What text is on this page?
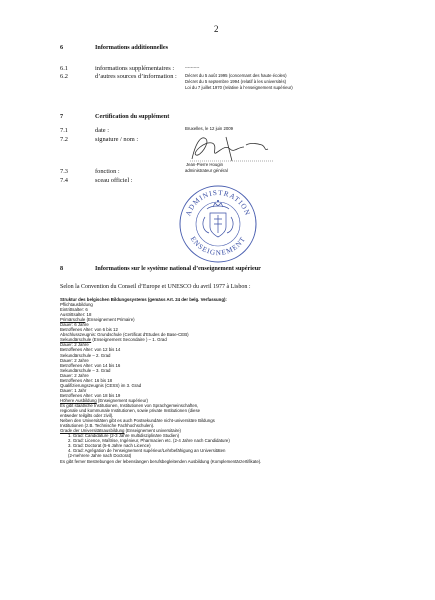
2
6	Informations additionnelles
6.1	informations supplémentaires :	----------
6.2	d’autres sources d’information : Décret du 5 août 1995 (concernant des haute écoles)
Décret du 5 septembre 1994 (relatif à les universités)
Loi du 7 juillet 1970 (relative à l’enseignement supérieur)
7	Certification du supplément
7.1	date :	Bruxelles, le 12 juin 2009
7.2	signature / nom :
Jean-Pierre Hougin
7.3	fonction :	administrateur général
7.4	sceau officiel :
ADMINISTRATION
ENSEIGNEMENT
8	Informations sur le système national d’enseignement supérieur
Selon la Convention du Conseil d’Europe et UNESCO du avril 1977 à Lisbon :
Struktur des belgischen Bildungssystems (gemäss Art. 24 der belg. Verfassung):
Pflichtausbildung
Eintrittsalter: 6
Austrittsalter: 18
Primärschule (Enseignement Primaire)
Dauer: 6 Jahre
Betroffenes Alter: von 6 bis 12
Abschlusszeugnis: Grundschule (Certificat d'Etudes de Base-CEB)
Sekundärschule (Enseignement Secondaire ) – 1. Grad
Dauer: 2 Jahre
Betroffenes Alter: von 12 bis 14
Sekundärschule – 2. Grad
Dauer: 2 Jahre
Betroffenes Alter: von 14 bis 16
Sekundärschule – 3. Grad
Dauer: 2 Jahre
Betroffenes Alter: 16 bis 18
Qualifizierungszeugnis (CESS) im 3. Grad
Dauer: 1 Jahr
Betroffenes Alter: von 18 bis 19
Höhere Ausbildung (Enseignement supérieur)
Es gibt staatliche Institutionen, Institutionen von Sprachgemeinschaften,
regionale und kommunale Institutionen, sowie private Institutionen (diese
entweder teilgilts oder zivil).
Neben den Universitäten gibt es auch Postsekundäre nicht-universitäre Bildungs
Institutionen (z.B. Technische Fachhochschulen).
Grade der Universitätsausbildung (Enseignement universitaire)
1. Grad: Candidature (2-3 Jahre multidisziplinäre Studien)
2. Grad: Licence, Maîtrise, Ingénieur, Pharmacien etc. (2-4 Jahre nach Candidature)
3. Grad: Doctorat (5-6 Jahre nach Licence)
4. Grad: Agrégation de l’enseignement supérieur/Lehrbefähigung an Universitäten
(2-mehrere Jahre nach Doctorat)
Es gibt ferner Bestrebungen der lebenslangen berufsbegleitenden Ausbildung (Komplementärzertifikate).
